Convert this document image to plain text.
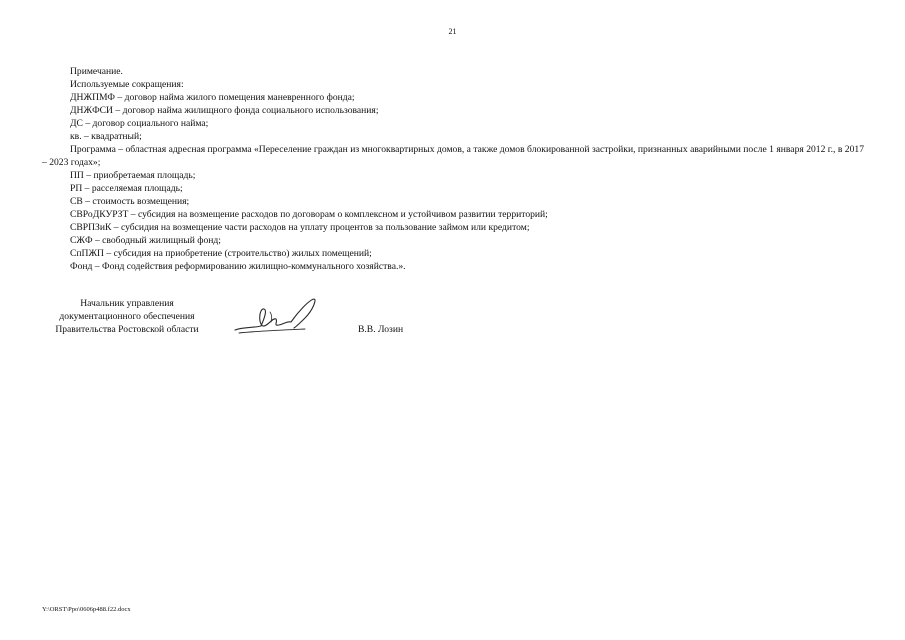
21
Примечание.
Используемые сокращения:
ДНЖПМФ – договор найма жилого помещения маневренного фонда;
ДНЖФСИ – договор найма жилищного фонда социального использования;
ДС – договор социального найма;
кв. – квадратный;
Программа – областная адресная программа «Переселение граждан из многоквартирных домов, а также домов блокированной застройки, признанных аварийными после 1 января 2012 г., в 2017 – 2023 годах»;
ПП – приобретаемая площадь;
РП – расселяемая площадь;
СВ – стоимость возмещения;
СВРоДКУРЗТ – субсидия на возмещение расходов по договорам о комплексном и устойчивом развитии территорий;
СВРПЗиК – субсидия на возмещение части расходов на уплату процентов за пользование займом или кредитом;
СЖФ – свободный жилищный фонд;
СпПЖП – субсидия на приобретение (строительство) жилых помещений;
Фонд – Фонд содействия реформированию жилищно-коммунального хозяйства.».
Начальник управления
документационного обеспечения
Правительства Ростовской области	В.В. Лозин
Y:\ORST\Ppo\0606p488.f22.docx
